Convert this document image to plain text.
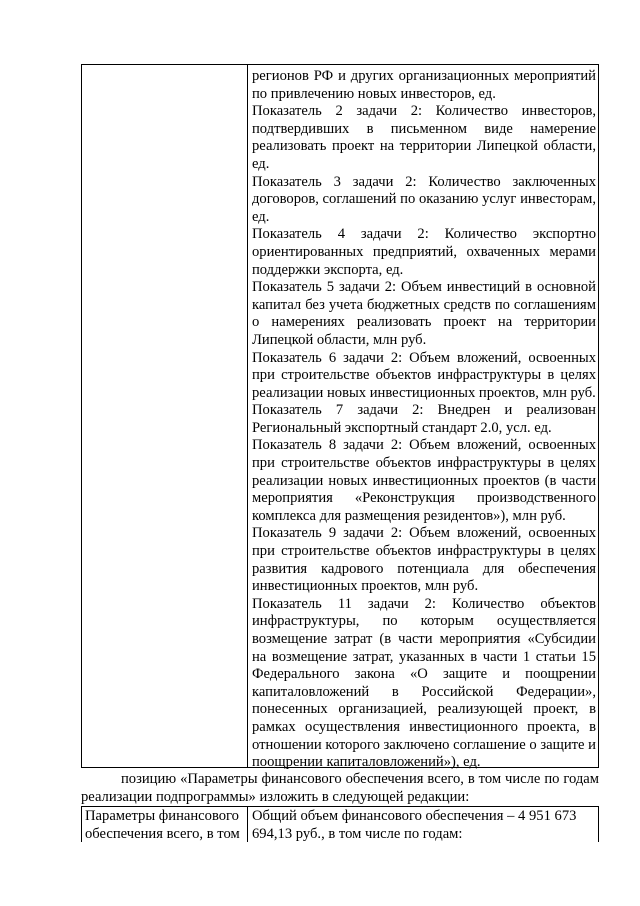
регионов РФ и других организационных мероприятий по привлечению новых инвесторов, ед.

Показатель 2 задачи 2: Количество инвесторов, подтвердивших в письменном виде намерение реализовать проект на территории Липецкой области, ед.

Показатель 3 задачи 2: Количество заключенных договоров, соглашений по оказанию услуг инвесторам, ед.

Показатель 4 задачи 2: Количество экспортно ориентированных предприятий, охваченных мерами поддержки экспорта, ед.

Показатель 5 задачи 2: Объем инвестиций в основной капитал без учета бюджетных средств по соглашениям о намерениях реализовать проект на территории Липецкой области, млн руб.

Показатель 6 задачи 2: Объем вложений, освоенных при строительстве объектов инфраструктуры в целях реализации новых инвестиционных проектов, млн руб.

Показатель 7 задачи 2: Внедрен и реализован Региональный экспортный стандарт 2.0, усл. ед.

Показатель 8 задачи 2: Объем вложений, освоенных при строительстве объектов инфраструктуры в целях реализации новых инвестиционных проектов (в части мероприятия «Реконструкция производственного комплекса для размещения резидентов»), млн руб.

Показатель 9 задачи 2: Объем вложений, освоенных при строительстве объектов инфраструктуры в целях развития кадрового потенциала для обеспечения инвестиционных проектов, млн руб.

Показатель 11 задачи 2: Количество объектов инфраструктуры, по которым осуществляется возмещение затрат (в части мероприятия «Субсидии на возмещение затрат, указанных в части 1 статьи 15 Федерального закона «О защите и поощрении капиталовложений в Российской Федерации», понесенных организацией, реализующей проект, в рамках осуществления инвестиционного проекта, в отношении которого заключено соглашение о защите и поощрении капиталовложений»), ед.

позицию «Параметры финансового обеспечения всего, в том числе по годам реализации подпрограммы» изложить в следующей редакции:

Параметры финансового обеспечения всего, в том

Общий объем финансового обеспечения – 4 951 673 694,13 руб., в том числе по годам:
